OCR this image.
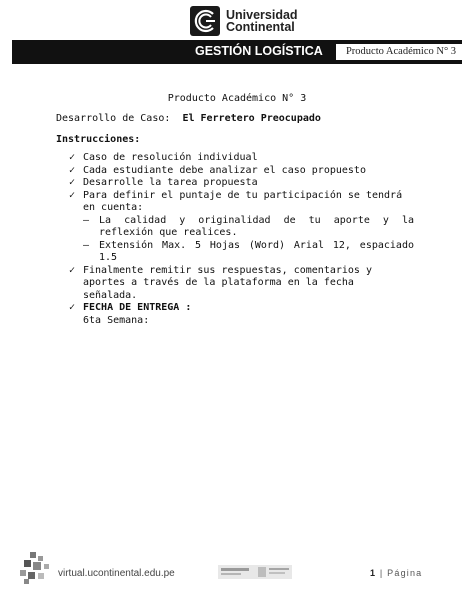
Universidad
Continental
GESTIÓN LOGÍSTICA	Producto Académico N° 3
Producto Académico N° 3
Desarrollo de Caso: El Ferretero Preocupado
Instrucciones:
✓ Caso de resolución individual
✓ Cada estudiante debe analizar el caso propuesto
✓ Desarrolle la tarea propuesta
✓ Para definir el puntaje de tu participación se tendrá en cuenta:
– La calidad y originalidad de tu aporte y la reflexión que realices.
– Extensión Max. 5 Hojas (Word) Arial 12, espaciado 1.5
✓ Finalmente remitir sus respuestas, comentarios y aportes a través de la plataforma en la fecha señalada.
✓ FECHA DE ENTREGA :
6ta Semana:
virtual.ucontinental.edu.pe	1 | Página
